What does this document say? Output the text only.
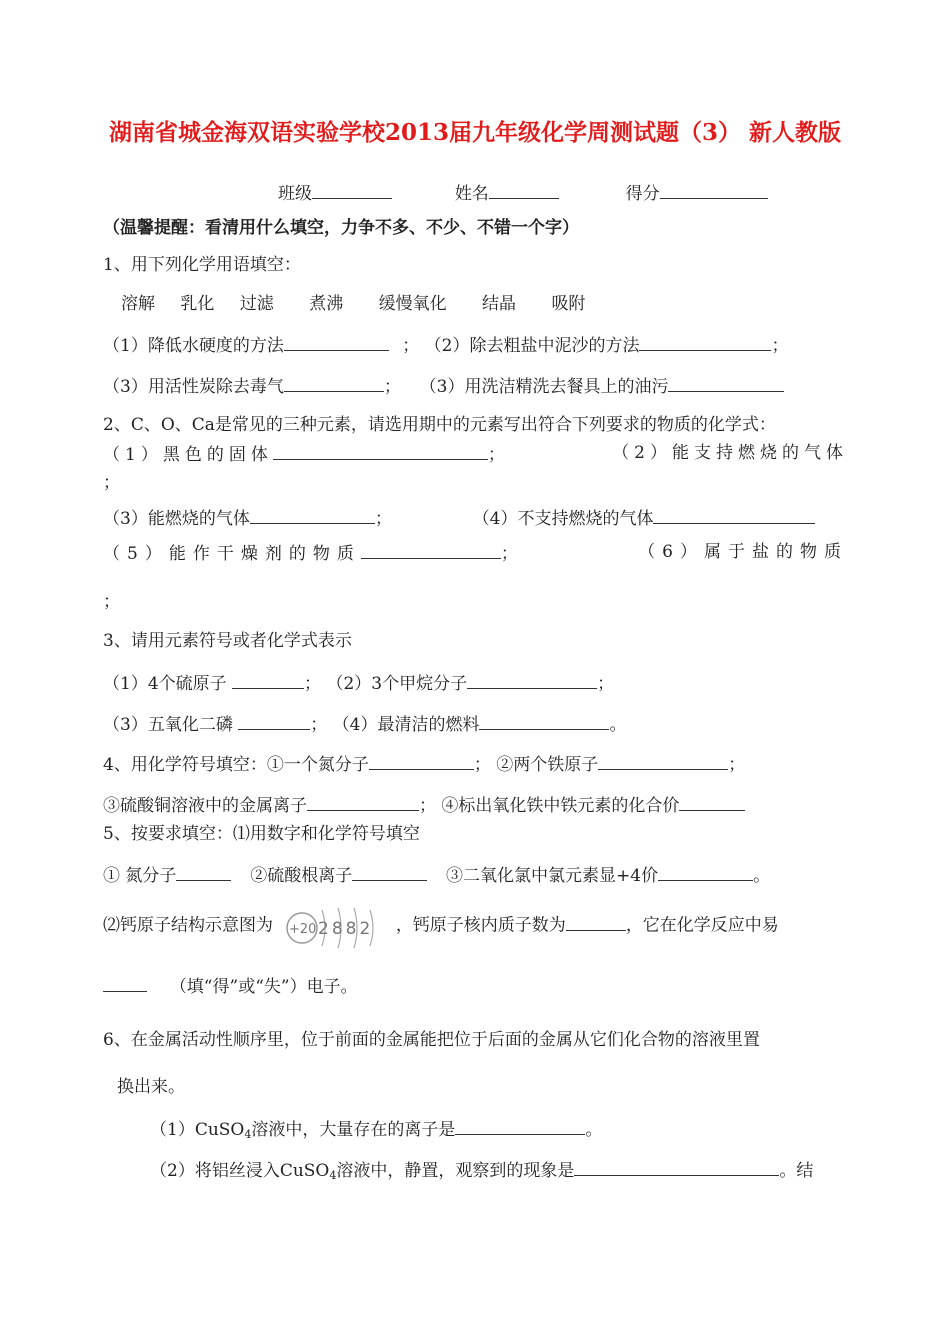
湖南省城金海双语实验学校2013届九年级化学周测试题（3） 新人教版
班级	姓名	得分
（温馨提醒：看清用什么填空，力争不多、不少、不错一个字）
1、用下列化学用语填空：
溶解 乳化 过滤 煮沸 缓慢氧化 结晶 吸附
（1）降低水硬度的方法	； （2）除去粗盐中泥沙的方法	；
（3）用活性炭除去毒气	； （3）用洗洁精洗去餐具上的油污
2、C、O、Ca是常见的三种元素，请选用期中的元素写出符合下列要求的物质的化学式：
（1）黑色的固体	；	（2）能支持燃烧的气体
；
（3）能燃烧的气体	；	（4）不支持燃烧的气体
（5）能作干燥剂的物质	；	（6）属于盐的物质
；
3、请用元素符号或者化学式表示
（1）4个硫原子	； （2）3个甲烷分子	；
（3）五氧化二磷	； （4）最清洁的燃料	。
4、用化学符号填空：①一个氮分子	； ②两个铁原子	；
③硫酸铜溶液中的金属离子	； ④标出氧化铁中铁元素的化合价
5、按要求填空：⑴用数字和化学符号填空
① 氮分子	②硫酸根离子	③二氧化氯中氯元素显+4价	。
⑵钙原子结构示意图为 +20 2882 ，钙原子核内质子数为	，它在化学反应中易
（填“得”或“失”）电子。
6、在金属活动性顺序里，位于前面的金属能把位于后面的金属从它们化合物的溶液里置
换出来。
（1）CuSO$_4$溶液中，大量存在的离子是	。
（2）将铝丝浸入CuSO$_4$溶液中，静置，观察到的现象是	。结
